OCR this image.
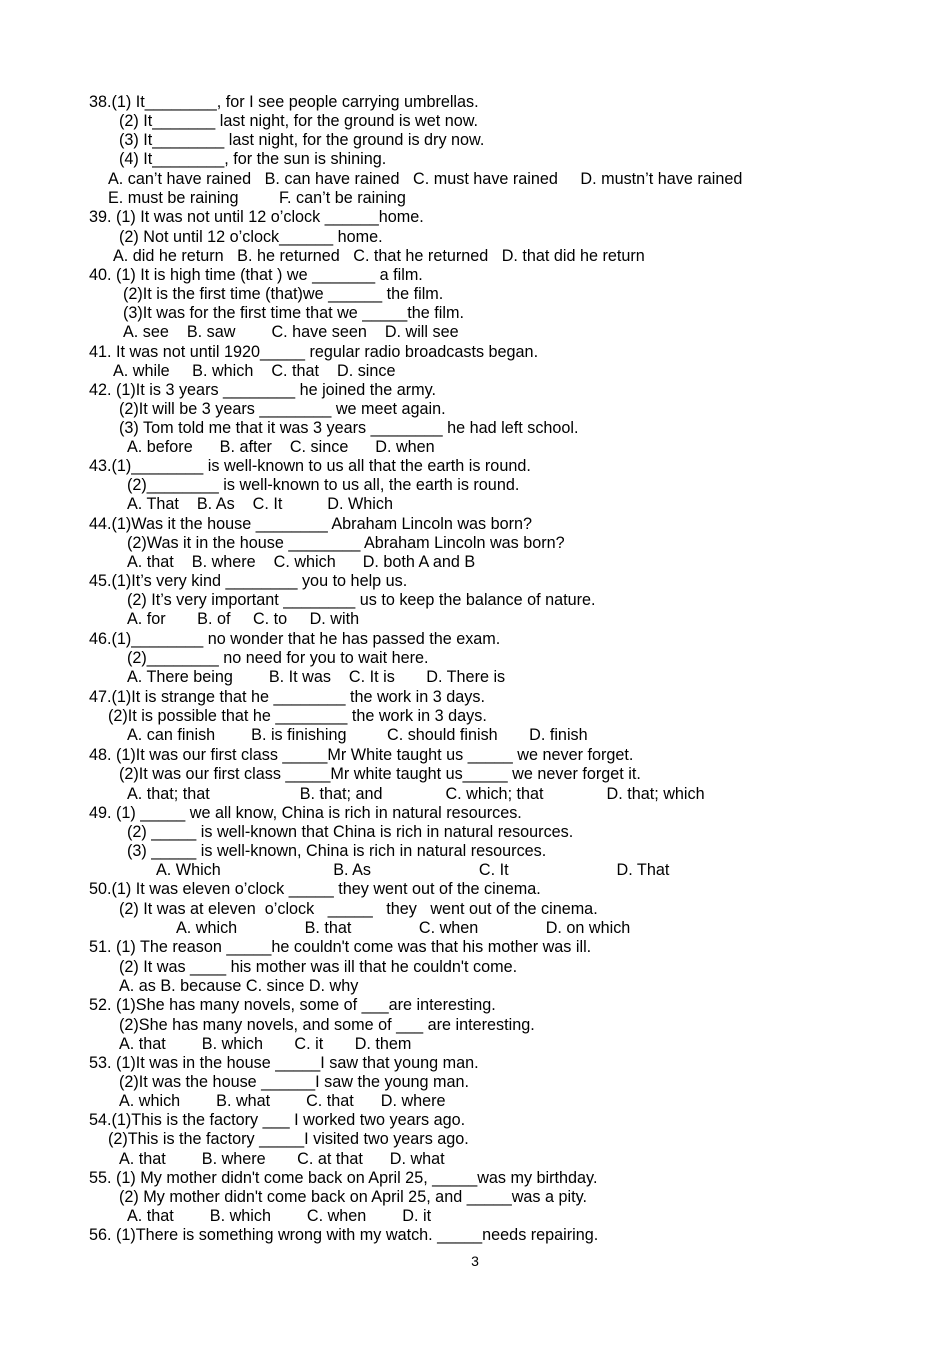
38.(1) It________, for I see people carrying umbrellas.
(2) It_______ last night, for the ground is wet now.
(3) It________ last night, for the ground is dry now.
(4) It________, for the sun is shining.
A. can’t have rained   B. can have rained   C. must have rained     D. mustn’t have rained
E. must be raining         F. can’t be raining
39. (1) It was not until 12 o’clock ______home.
(2) Not until 12 o’clock______ home.
A. did he return   B. he returned   C. that he returned   D. that did he return
40. (1) It is high time (that ) we _______ a film.
(2)It is the first time (that)we ______ the film.
(3)It was for the first time that we _____the film.
A. see    B. saw        C. have seen    D. will see
41. It was not until 1920_____ regular radio broadcasts began.
A. while     B. which    C. that    D. since
42. (1)It is 3 years ________ he joined the army.
(2)It will be 3 years ________ we meet again.
(3) Tom told me that it was 3 years ________ he had left school.
A. before      B. after    C. since      D. when
43.(1)________ is well-known to us all that the earth is round.
(2)________ is well-known to us all, the earth is round.
A. That    B. As    C. It          D. Which
44.(1)Was it the house ________ Abraham Lincoln was born?
(2)Was it in the house ________ Abraham Lincoln was born?
A. that    B. where    C. which      D. both A and B
45.(1)It’s very kind ________ you to help us.
(2) It’s very important ________ us to keep the balance of nature.
A. for       B. of     C. to     D. with
46.(1)________ no wonder that he has passed the exam.
(2)________ no need for you to wait here.
A. There being        B. It was    C. It is       D. There is
47.(1)It is strange that he ________ the work in 3 days.
(2)It is possible that he ________ the work in 3 days.
A. can finish        B. is finishing         C. should finish       D. finish
48. (1)It was our first class _____Mr White taught us _____ we never forget.
(2)It was our first class _____Mr white taught us_____ we never forget it.
A. that; that                    B. that; and              C. which; that              D. that; which
49. (1) _____ we all know, China is rich in natural resources.
(2) _____ is well-known that China is rich in natural resources.
(3) _____ is well-known, China is rich in natural resources.
A. Which                         B. As                        C. It                        D. That
50.(1) It was eleven o’clock _____ they went out of the cinema.
(2) It was at eleven  o’clock   _____   they   went out of the cinema.
A. which               B. that               C. when               D. on which
51. (1) The reason _____he couldn't come was that his mother was ill.
(2) It was ____ his mother was ill that he couldn't come.
A. as B. because C. since D. why
52. (1)She has many novels, some of ___are interesting.
(2)She has many novels, and some of ___ are interesting.
A. that        B. which       C. it       D. them
53. (1)It was in the house _____I saw that young man.
(2)It was the house ______I saw the young man.
A. which        B. what        C. that      D. where
54.(1)This is the factory ___ I worked two years ago.
(2)This is the factory _____I visited two years ago.
A. that        B. where       C. at that      D. what
55. (1) My mother didn't come back on April 25, _____was my birthday.
(2) My mother didn't come back on April 25, and _____was a pity.
A. that        B. which        C. when        D. it
56. (1)There is something wrong with my watch. _____needs repairing.
3
